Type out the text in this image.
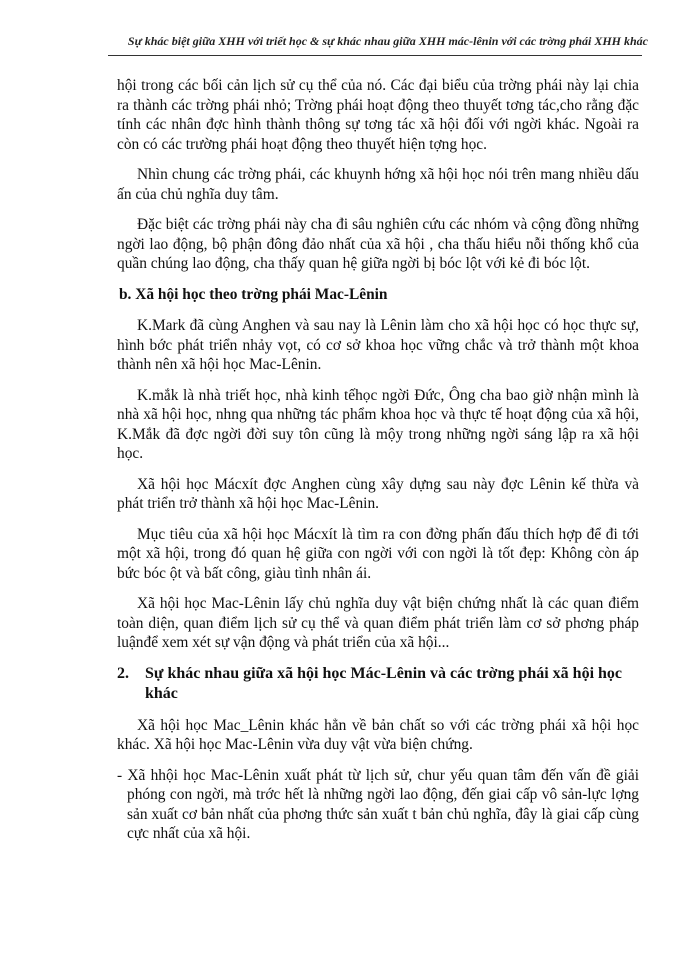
Sự khác biệt giữa XHH với triết học & sự khác nhau giữa XHH mác-lênin với các trờng phái XHH khác

hội trong các bối cản lịch sử cụ thể của nó. Các đại biểu của trờng phái này lại chia ra thành các trờng phái nhỏ; Trờng phái hoạt động theo thuyết tơng tác,cho rằng đặc tính các nhân đợc hình thành thông sự tơng tác xã hội đối với ngời khác. Ngoài ra còn có các trường phái hoạt động theo thuyết hiện tợng học.

Nhìn chung các trờng phái, các khuynh hớng xã hội học nói trên mang nhiều dấu ấn của chủ nghĩa duy tâm.

Đặc biệt các trờng phái này cha đi sâu nghiên cứu các nhóm và cộng đồng những ngời lao động, bộ phận đông đảo nhất của xã hội , cha thấu hiểu nỗi thống khổ của quần chúng lao động, cha thấy quan hệ giữa ngời bị bóc lột với kẻ đi bóc lột.

b. Xã hội học theo trờng phái Mac-Lênin

K.Mark đã cùng Anghen và sau nay là Lênin làm cho xã hội học có học thực sự, hình bớc phát triển nhảy vọt, có cơ sở khoa học vững chắc và trở thành một khoa thành nên xã hội học Mac-Lênin.

K.mắk là nhà triết học, nhà kinh tếhọc ngời Đức, Ông cha bao giờ nhận mình là nhà xã hội học, nhng qua những tác phẩm khoa học và thực tế hoạt động của xã hội, K.Mắk đã đợc ngời đời suy tôn cũng là mộy trong những ngời sáng lập ra xã hội học.

Xã hội học Mácxít đợc Anghen cùng xây dựng sau này đợc Lênin kế thừa và phát triển trở thành xã hội học Mac-Lênin.

Mục tiêu của xã hội học Mácxít là tìm ra con đờng phấn đấu thích hợp để đi tới một xã hội, trong đó quan hệ giữa con ngời với con ngời là tốt đẹp: Không còn áp bức bóc ột và bất công, giàu tình nhân ái.

Xã hội học Mac-Lênin lấy chủ nghĩa duy vật biện chứng nhất là các quan điểm toàn diện, quan điểm lịch sử cụ thể và quan điểm phát triển làm cơ sở phơng pháp luậnđể xem xét sự vận động và phát triển của xã hội...

2. Sự khác nhau giữa xã hội học Mác-Lênin và các trờng phái xã hội học khác

Xã hội học Mac_Lênin khác hẳn về bản chất so với các trờng phái xã hội học khác. Xã hội học Mac-Lênin vừa duy vật vừa biện chứng.

- Xã hhội học Mac-Lênin xuất phát từ lịch sử, chur yếu quan tâm đến vấn đề giải phóng con ngời, mà trớc hết là những ngời lao động, đến giai cấp vô sản-lực lợng sản xuất cơ bản nhất của phơng thức sản xuất t bản chủ nghĩa, đây là giai cấp cùng cực nhất của xã hội.
